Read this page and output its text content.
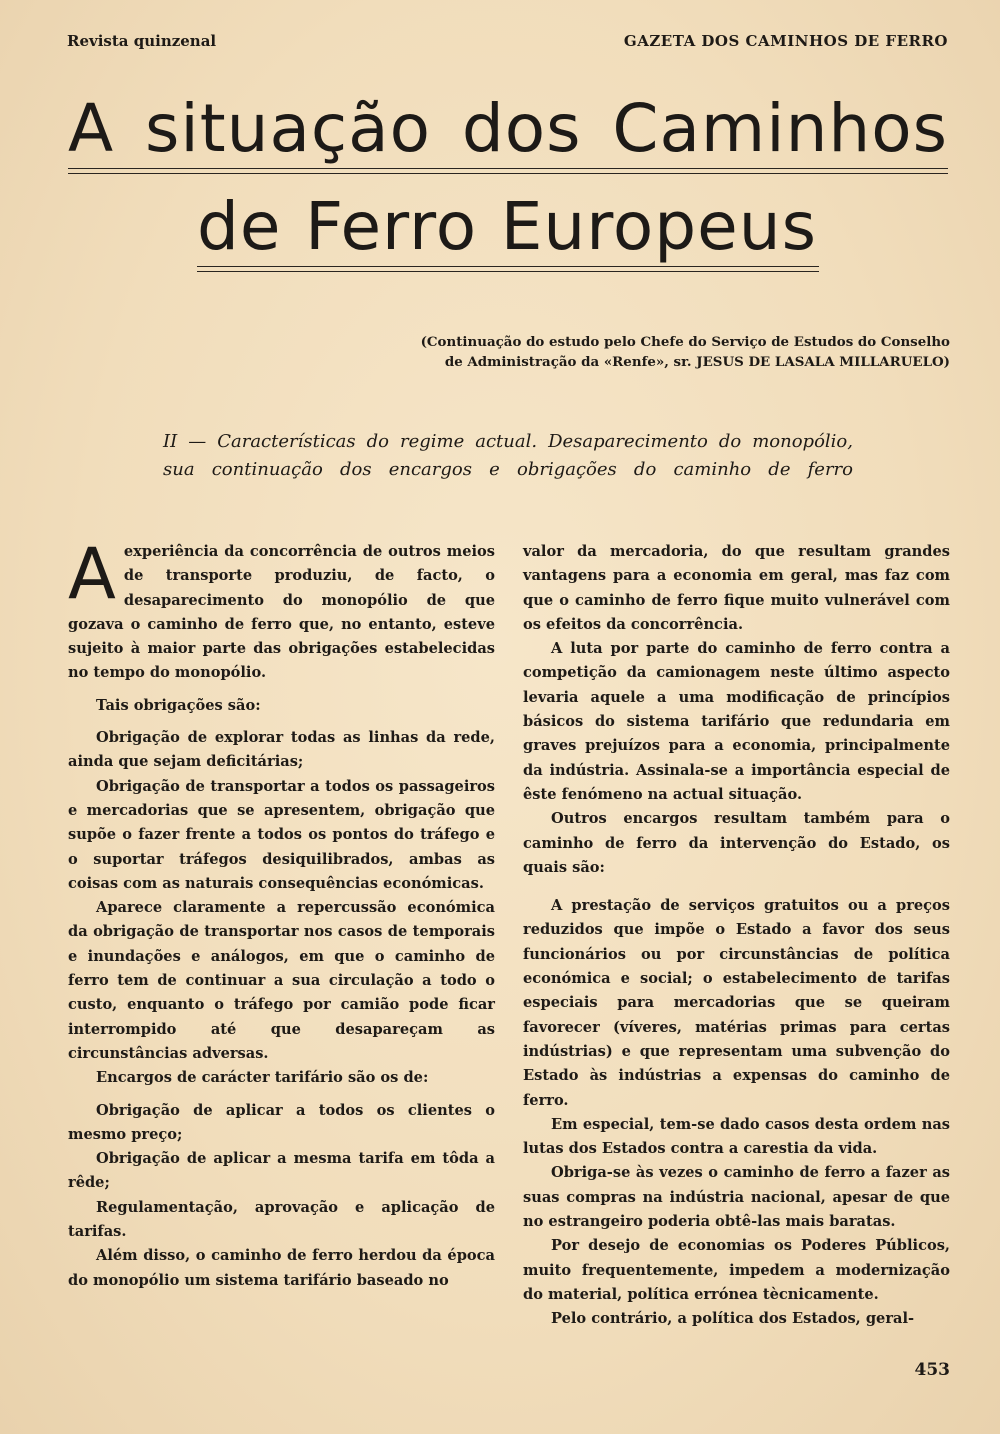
Revista quinzenal	GAZETA DOS CAMINHOS DE FERRO
A situação dos Caminhos
de Ferro Europeus
(Continuação do estudo pelo Chefe do Serviço de Estudos do Conselho
de Administração da «Renfe», sr. JESUS DE LASALA MILLARUELO)
II — Características do regime actual. Desaparecimento do monopólio,
sua continuação dos encargos e obrigações do caminho de ferro

Aexperiência da concorrência de outros meios de transporte produziu, de facto, o desaparecimento do monopólio de que gozava o caminho de ferro que, no entanto, esteve sujeito à maior parte das obrigações estabelecidas no tempo do monopólio.

Tais obrigações são:

Obrigação de explorar todas as linhas da rede, ainda que sejam deficitárias;

Obrigação de transportar a todos os passageiros e mercadorias que se apresentem, obrigação que supõe o fazer frente a todos os pontos do tráfego e o suportar tráfegos desiquilibrados, ambas as coisas com as naturais consequências económicas.

Aparece claramente a repercussão económica da obrigação de transportar nos casos de temporais e inundações e análogos, em que o caminho de ferro tem de continuar a sua circulação a todo o custo, enquanto o tráfego por camião pode ficar interrompido até que desapareçam as circunstâncias adversas.

Encargos de carácter tarifário são os de:

Obrigação de aplicar a todos os clientes o mesmo preço;

Obrigação de aplicar a mesma tarifa em tôda a rêde;

Regulamentação, aprovação e aplicação de tarifas.

Além disso, o caminho de ferro herdou da época do monopólio um sistema tarifário baseado no

valor da mercadoria, do que resultam grandes vantagens para a economia em geral, mas faz com que o caminho de ferro fique muito vulnerável com os efeitos da concorrência.

A luta por parte do caminho de ferro contra a competição da camionagem neste último aspecto levaria aquele a uma modificação de princípios básicos do sistema tarifário que redundaria em graves prejuízos para a economia, principalmente da indústria. Assinala-se a importância especial de êste fenómeno na actual situação.

Outros encargos resultam também para o caminho de ferro da intervenção do Estado, os quais são:

A prestação de serviços gratuitos ou a preços reduzidos que impõe o Estado a favor dos seus funcionários ou por circunstâncias de política económica e social; o estabelecimento de tarifas especiais para mercadorias que se queiram favorecer (víveres, matérias primas para certas indústrias) e que representam uma subvenção do Estado às indústrias a expensas do caminho de ferro.

Em especial, tem-se dado casos desta ordem nas lutas dos Estados contra a carestia da vida.

Obriga-se às vezes o caminho de ferro a fazer as suas compras na indústria nacional, apesar de que no estrangeiro poderia obtê-las mais baratas.

Por desejo de economias os Poderes Públicos, muito frequentemente, impedem a modernização do material, política errónea tècnicamente.

Pelo contrário, a política dos Estados, geral-

453
